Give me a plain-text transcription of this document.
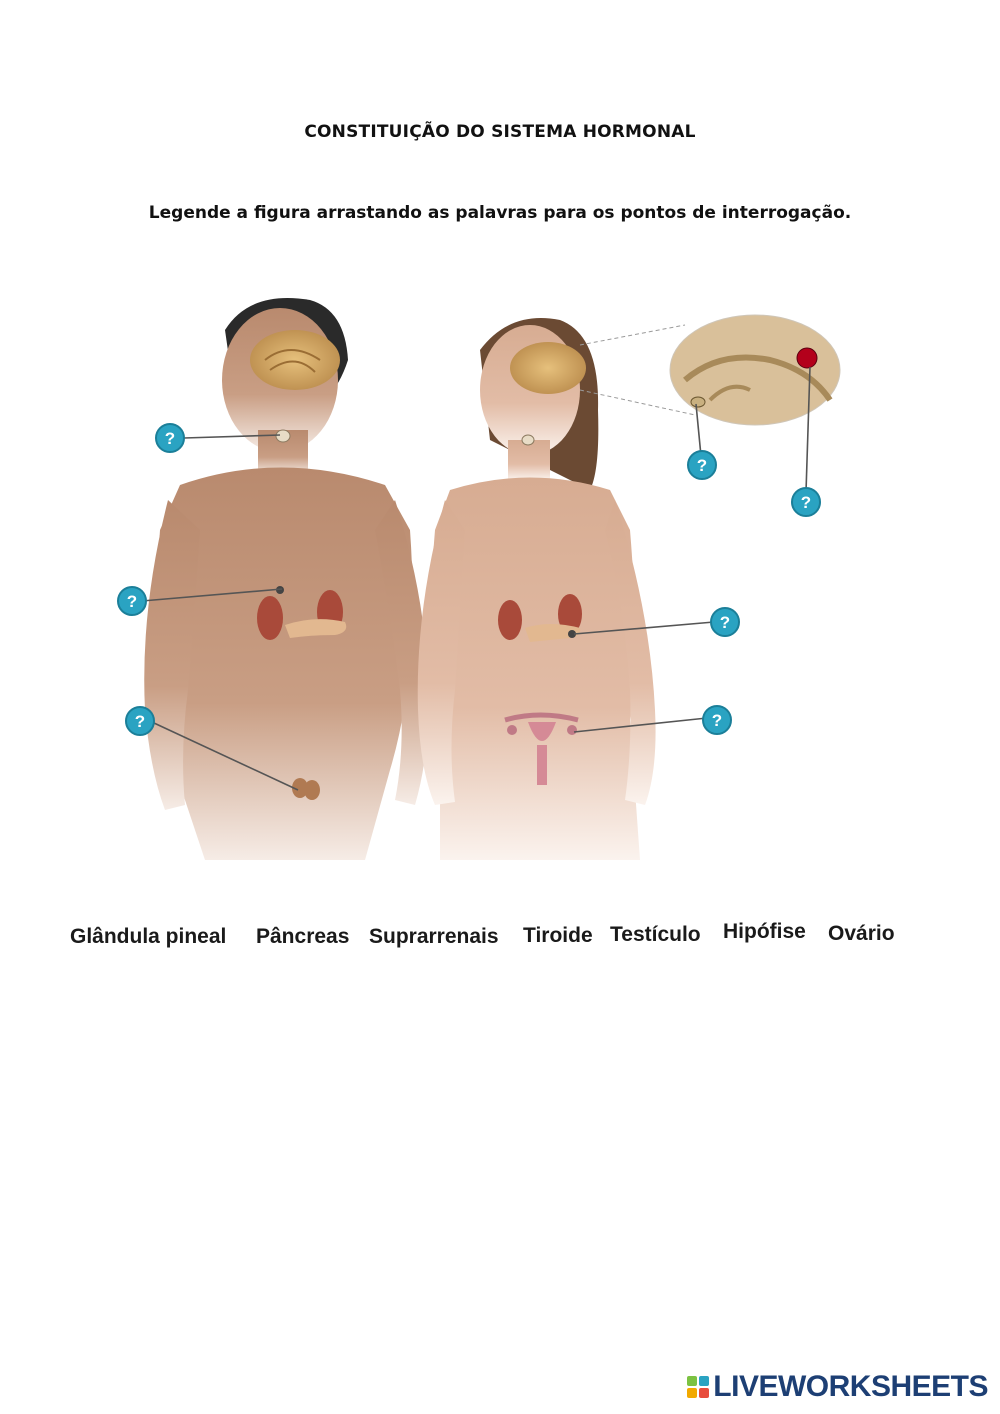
CONSTITUIÇÃO DO SISTEMA HORMONAL
Legende a figura arrastando as palavras para os pontos de interrogação.
?
?
?
?
?
?
?
Glândula pineal Pâncreas Suprarrenais Tiroide Testículo Hipófise Ovário
LIVEWORKSHEETS
